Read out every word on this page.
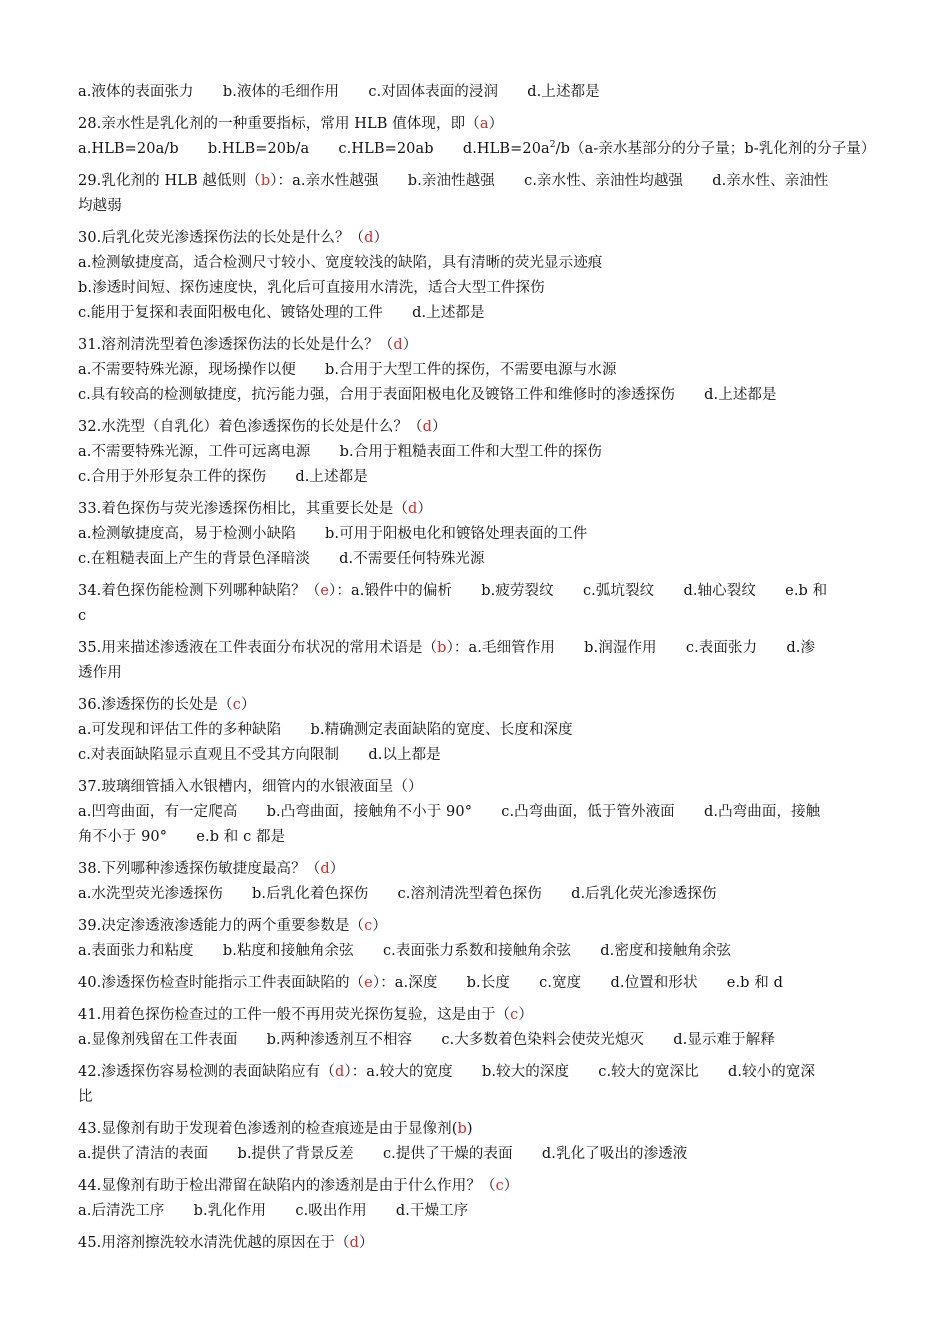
a.液体的表面张力　　b.液体的毛细作用　　c.对固体表面的浸润　　d.上述都是
28.亲水性是乳化剂的一种重要指标，常用 HLB 值体现，即（a）
a.HLB=20a/b　　b.HLB=20b/a　　c.HLB=20ab　　$d.HLB=20a^2/b(a-$亲水基部分的分子量；b-乳化剂的分子量）
29.乳化剂的 HLB 越低则（b）：a.亲水性越强　　b.亲油性越强　　c.亲水性、亲油性均越强　　d.亲水性、亲油性
均越弱
30.后乳化荧光渗透探伤法的长处是什么？（d）
a.检测敏捷度高，适合检测尺寸较小、宽度较浅的缺陷，具有清晰的荧光显示迹痕
b.渗透时间短、探伤速度快，乳化后可直接用水清洗，适合大型工件探伤
c.能用于复探和表面阳极电化、镀铬处理的工件　　d.上述都是
31.溶剂清洗型着色渗透探伤法的长处是什么？（d）
a.不需要特殊光源，现场操作以便　　b.合用于大型工件的探伤，不需要电源与水源
c.具有较高的检测敏捷度，抗污能力强，合用于表面阳极电化及镀铬工件和维修时的渗透探伤　　d.上述都是
32.水洗型（自乳化）着色渗透探伤的长处是什么？（d）
a.不需要特殊光源，工件可远离电源　　b.合用于粗糙表面工件和大型工件的探伤
c.合用于外形复杂工件的探伤　　d.上述都是
33.着色探伤与荧光渗透探伤相比，其重要长处是（d）
a.检测敏捷度高，易于检测小缺陷　　b.可用于阳极电化和镀铬处理表面的工件
c.在粗糙表面上产生的背景色泽暗淡　　d.不需要任何特殊光源
34.着色探伤能检测下列哪种缺陷？（e）：a.锻件中的偏析　　b.疲劳裂纹　　c.弧坑裂纹　　d.轴心裂纹　　e.b 和
c
35.用来描述渗透液在工件表面分布状况的常用术语是（b）：a.毛细管作用　　b.润湿作用　　c.表面张力　　d.渗
透作用
36.渗透探伤的长处是（c）
a.可发现和评估工件的多种缺陷　　b.精确测定表面缺陷的宽度、长度和深度
c.对表面缺陷显示直观且不受其方向限制　　d.以上都是
37.玻璃细管插入水银槽内，细管内的水银液面呈（）
a.凹弯曲面，有一定爬高　　b.凸弯曲面，接触角不小于 90°　　c.凸弯曲面，低于管外液面　　d.凸弯曲面，接触
角不小于 90°　　e.b 和 c 都是
38.下列哪种渗透探伤敏捷度最高？（d）
a.水洗型荧光渗透探伤　　b.后乳化着色探伤　　c.溶剂清洗型着色探伤　　d.后乳化荧光渗透探伤
39.决定渗透液渗透能力的两个重要参数是（c）
a.表面张力和粘度　　b.粘度和接触角余弦　　c.表面张力系数和接触角余弦　　d.密度和接触角余弦
40.渗透探伤检查时能指示工件表面缺陷的（e）：a.深度　　b.长度　　c.宽度　　d.位置和形状　　e.b 和 d
41.用着色探伤检查过的工件一般不再用荧光探伤复验，这是由于（c）
a.显像剂残留在工件表面　　b.两种渗透剂互不相容　　c.大多数着色染料会使荧光熄灭　　d.显示难于解释
42.渗透探伤容易检测的表面缺陷应有（d）：a.较大的宽度　　b.较大的深度　　c.较大的宽深比　　d.较小的宽深
比
43.显像剂有助于发现着色渗透剂的检查痕迹是由于显像剂(b)
a.提供了清洁的表面　　b.提供了背景反差　　c.提供了干燥的表面　　d.乳化了吸出的渗透液
44.显像剂有助于检出滞留在缺陷内的渗透剂是由于什么作用？（c）
a.后清洗工序　　b.乳化作用　　c.吸出作用　　d.干燥工序
45.用溶剂擦洗较水清洗优越的原因在于（d）
